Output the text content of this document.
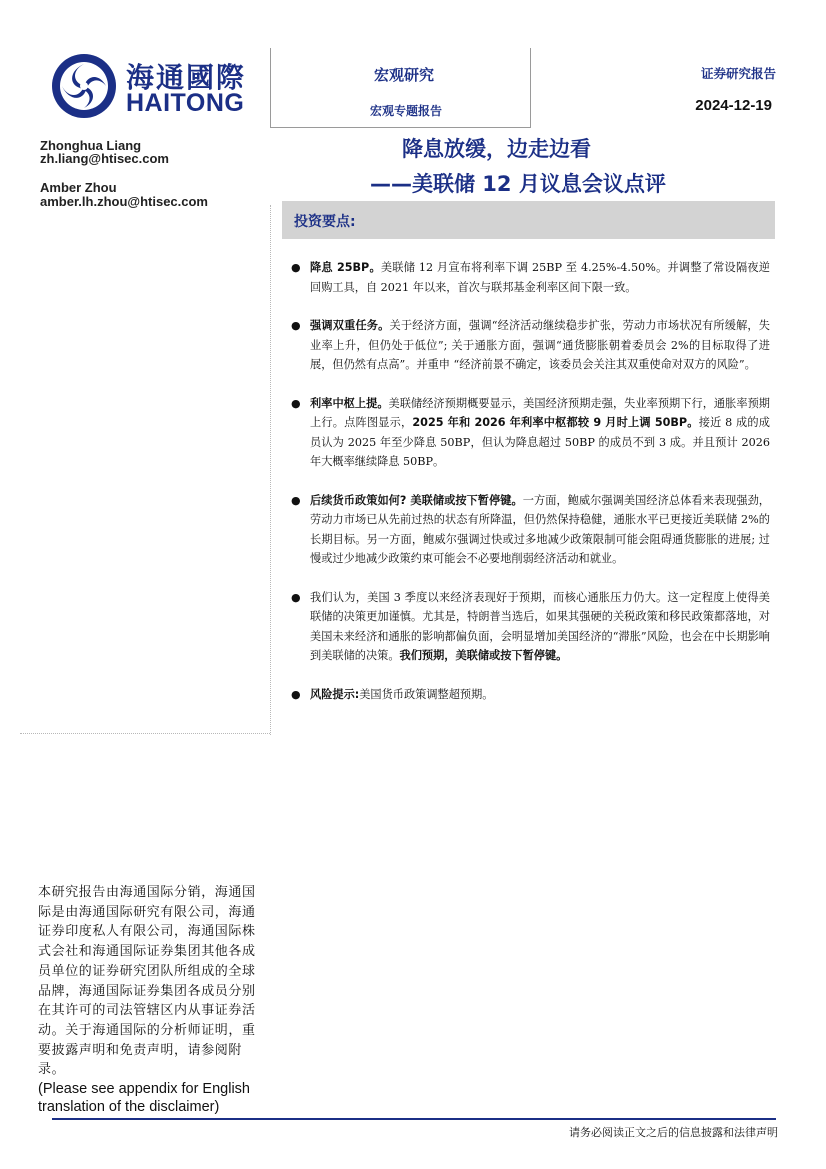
海通國際
HAITONG
宏观研究
宏观专题报告
证券研究报告
2024-12-19
Zhonghua Liang
zh.liang@htisec.com
Amber Zhou
amber.lh.zhou@htisec.com
降息放缓，边走边看
——美联储 12 月议息会议点评
投资要点:
● 降息 25BP。美联储 12 月宣布将利率下调 25BP 至 4.25%-4.50%。并调整了常设隔夜逆回购工具，自 2021 年以来，首次与联邦基金利率区间下限一致。
● 强调双重任务。关于经济方面，强调“经济活动继续稳步扩张，劳动力市场状况有所缓解，失业率上升，但仍处于低位”; 关于通胀方面，强调“通货膨胀朝着委员会 2%的目标取得了进展，但仍然有点高”。并重申 “经济前景不确定，该委员会关注其双重使命对双方的风险”。
● 利率中枢上提。美联储经济预期概要显示，美国经济预期走强，失业率预期下行，通胀率预期上行。点阵图显示，2025 年和 2026 年利率中枢都较 9 月时上调 50BP。接近 8 成的成员认为 2025 年至少降息 50BP，但认为降息超过 50BP 的成员不到 3 成。并且预计 2026 年大概率继续降息 50BP。
● 后续货币政策如何? 美联储或按下暂停键。一方面，鲍威尔强调美国经济总体看来表现强劲，劳动力市场已从先前过热的状态有所降温，但仍然保持稳健，通胀水平已更接近美联储 2%的长期目标。另一方面，鲍威尔强调过快或过多地减少政策限制可能会阻碍通货膨胀的进展; 过慢或过少地减少政策约束可能会不必要地削弱经济活动和就业。
● 我们认为，美国 3 季度以来经济表现好于预期，而核心通胀压力仍大。这一定程度上使得美联储的决策更加谨慎。尤其是，特朗普当选后，如果其强硬的关税政策和移民政策都落地，对美国未来经济和通胀的影响都偏负面，会明显增加美国经济的“滞胀”风险，也会在中长期影响到美联储的决策。我们预期，美联储或按下暂停键。
● 风险提示:美国货币政策调整超预期。
本研究报告由海通国际分销，海通国际是由海通国际研究有限公司，海通证券印度私人有限公司，海通国际株式会社和海通国际证券集团其他各成员单位的证券研究团队所组成的全球品牌，海通国际证券集团各成员分别在其许可的司法管辖区内从事证券活动。关于海通国际的分析师证明，重要披露声明和免责声明，请参阅附录。
(Please see appendix for English translation of the disclaimer)
请务必阅读正文之后的信息披露和法律声明
